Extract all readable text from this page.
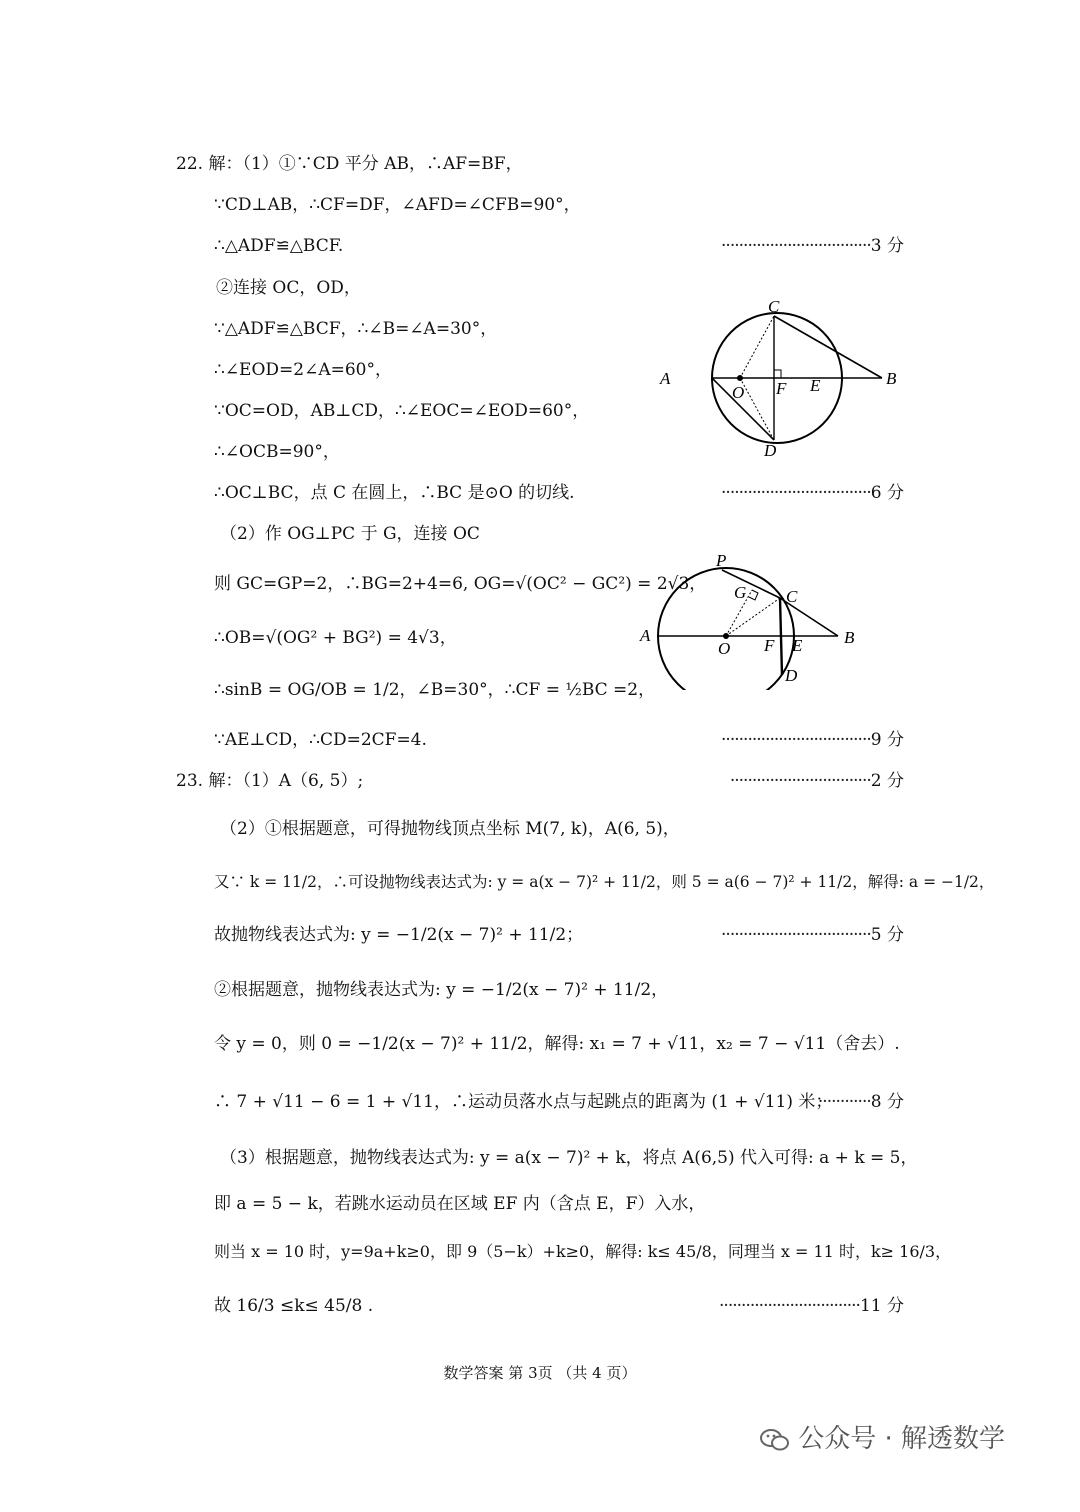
22. 解：（1）①∵CD 平分 AB，∴AF=BF，
∵CD⊥AB，∴CF=DF，∠AFD=∠CFB=90°，
∴△ADF≌△BCF.	··································3 分
②连接 OC，OD，
∵△ADF≌△BCF，∴∠B=∠A=30°，
∴∠EOD=2∠A=60°，
∵OC=OD，AB⊥CD，∴∠EOC=∠EOD=60°，
∴∠OCB=90°，
∴OC⊥BC，点 C 在圆上，∴BC 是⊙O 的切线.	··································6 分
（2）作 OG⊥PC 于 G，连接 OC
则 GC=GP=2，∴BG=2+4=6, OG=√(OC² − GC²) = 2√3，
∴OB=√(OG² + BG²) = 4√3，
∴sinB = OG/OB = 1/2，∠B=30°，∴CF = ½BC =2，
∵AE⊥CD，∴CD=2CF=4.	··································9 分
C
A
O F E	B
D
P
G C
A
O F E B
D
23. 解：（1）A（6, 5）;	································2 分
（2）①根据题意，可得抛物线顶点坐标 M(7, k)，A(6, 5)，
又∵ k = 11/2，∴可设抛物线表达式为: y = a(x − 7)² + 11/2，则 5 = a(6 − 7)² + 11/2，解得: a = −1/2，
故抛物线表达式为: y = −1/2(x − 7)² + 11/2；	··································5 分
②根据题意，抛物线表达式为: y = −1/2(x − 7)² + 11/2，
令 y = 0，则 0 = −1/2(x − 7)² + 11/2，解得: x₁ = 7 + √11，x₂ = 7 − √11（舍去）.
∴ 7 + √11 − 6 = 1 + √11，∴运动员落水点与起跳点的距离为 (1 + √11) 米；
············8 分
（3）根据题意，抛物线表达式为: y = a(x − 7)² + k，将点 A(6,5) 代入可得: a + k = 5，
即 a = 5 − k，若跳水运动员在区域 EF 内（含点 E，F）入水，
则当 x = 10 时，y=9a+k≥0，即 9（5−k）+k≥0，解得: k≤ 45/8，同理当 x = 11 时，k≥ 16/3，
故 16/3 ≤k≤ 45/8 .	································11 分
数学答案 第 3页 （共 4 页）
公众号 · 解透数学
